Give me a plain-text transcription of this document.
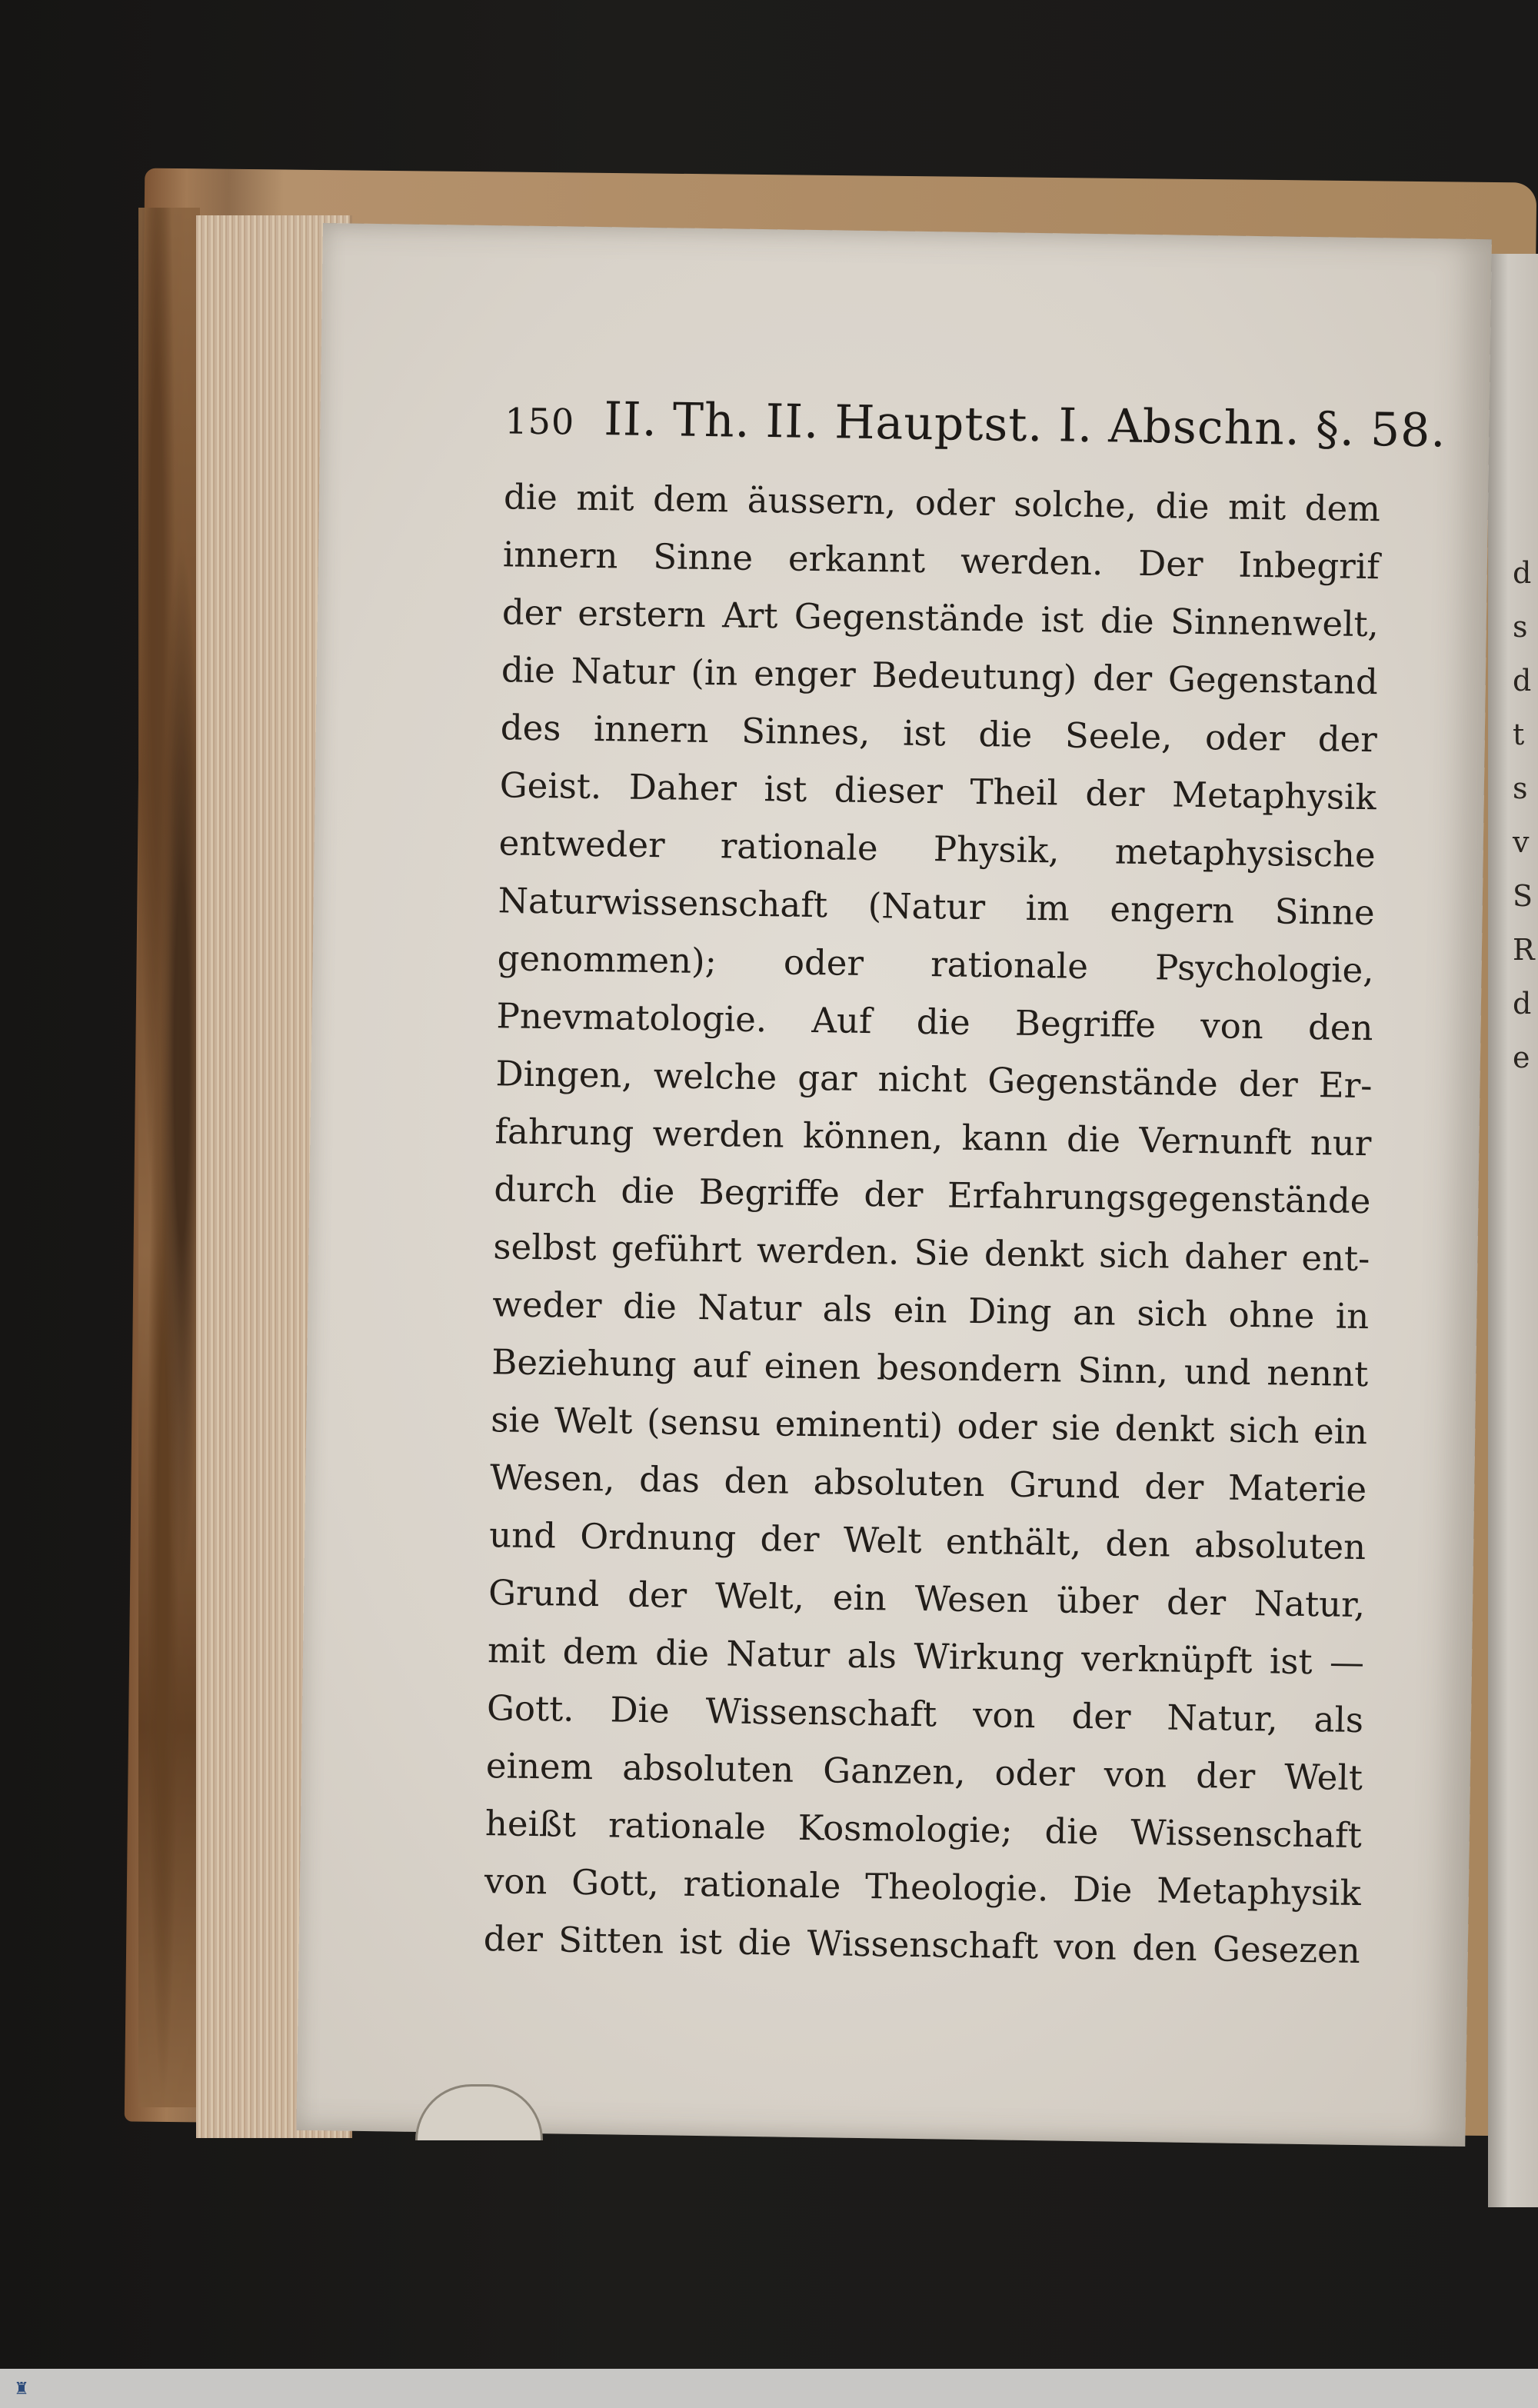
d
s
d
t
s
v
S
R
d
e
150 II. Th. II. Hauptst. I. Abschn. §. 58.
die mit dem äussern, oder solche, die mit dem
innern Sinne erkannt werden. Der Inbegrif
der erstern Art Gegenstände ist die Sinnenwelt,
die Natur (in enger Bedeutung) der Gegenstand
des innern Sinnes, ist die Seele, oder der
Geist. Daher ist dieser Theil der Metaphysik
entweder rationale Physik, metaphysische
Naturwissenschaft (Natur im engern Sinne
genommen); oder rationale Psychologie,
Pnevmatologie. Auf die Begriffe von den
Dingen, welche gar nicht Gegenstände der Er-
fahrung werden können, kann die Vernunft nur
durch die Begriffe der Erfahrungsgegenstände
selbst geführt werden. Sie denkt sich daher ent-
weder die Natur als ein Ding an sich ohne in
Beziehung auf einen besondern Sinn, und nennt
sie Welt (sensu eminenti) oder sie denkt sich ein
Wesen, das den absoluten Grund der Materie
und Ordnung der Welt enthält, den absoluten
Grund der Welt, ein Wesen über der Natur,
mit dem die Natur als Wirkung verknüpft ist —
Gott. Die Wissenschaft von der Natur, als
einem absoluten Ganzen, oder von der Welt
heißt rationale Kosmologie; die Wissenschaft
von Gott, rationale Theologie. Die Metaphysik
der Sitten ist die Wissenschaft von den Gesezen
♜
